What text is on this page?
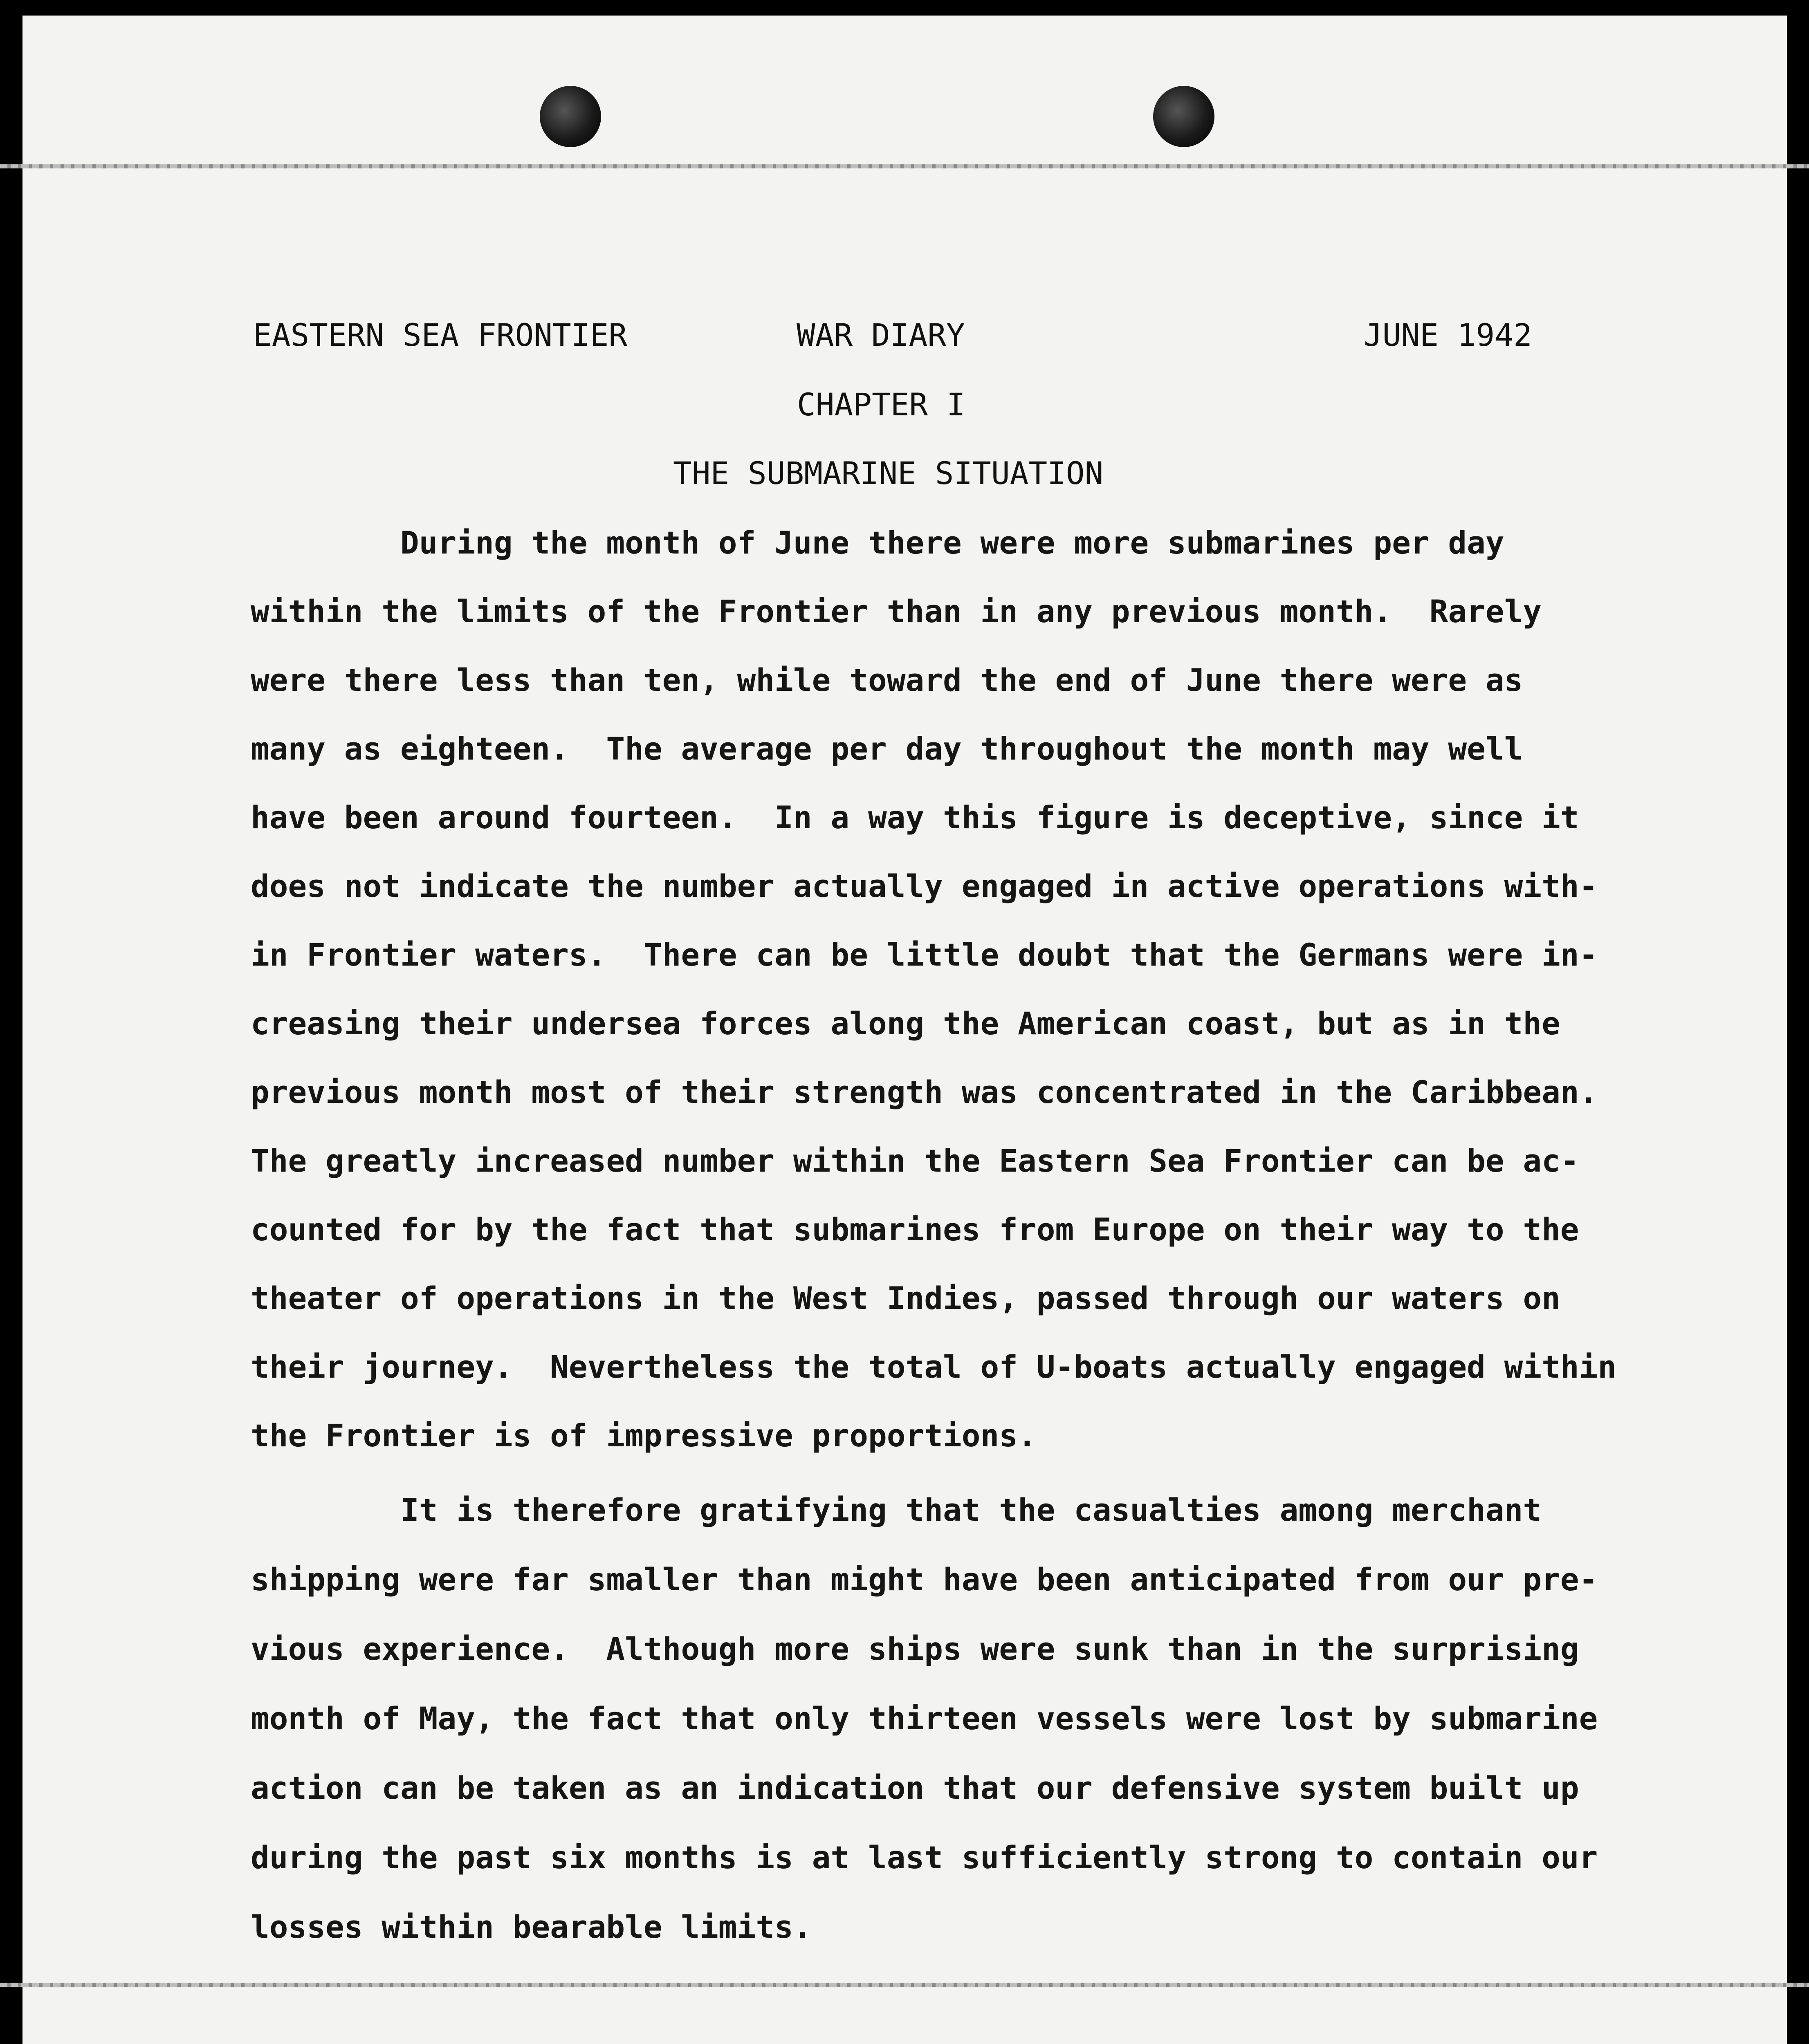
EASTERN SEA FRONTIER	WAR DIARY	JUNE 1942
CHAPTER I
THE SUBMARINE SITUATION
During the month of June there were more submarines per day
within the limits of the Frontier than in any previous month.  Rarely
were there less than ten, while toward the end of June there were as
many as eighteen.  The average per day throughout the month may well
have been around fourteen.  In a way this figure is deceptive, since it
does not indicate the number actually engaged in active operations with-
in Frontier waters.  There can be little doubt that the Germans were in-
creasing their undersea forces along the American coast, but as in the
previous month most of their strength was concentrated in the Caribbean.
The greatly increased number within the Eastern Sea Frontier can be ac-
counted for by the fact that submarines from Europe on their way to the
theater of operations in the West Indies, passed through our waters on
their journey.  Nevertheless the total of U-boats actually engaged within
the Frontier is of impressive proportions.
It is therefore gratifying that the casualties among merchant
shipping were far smaller than might have been anticipated from our pre-
vious experience.  Although more ships were sunk than in the surprising
month of May, the fact that only thirteen vessels were lost by submarine
action can be taken as an indication that our defensive system built up
during the past six months is at last sufficiently strong to contain our
losses within bearable limits.
